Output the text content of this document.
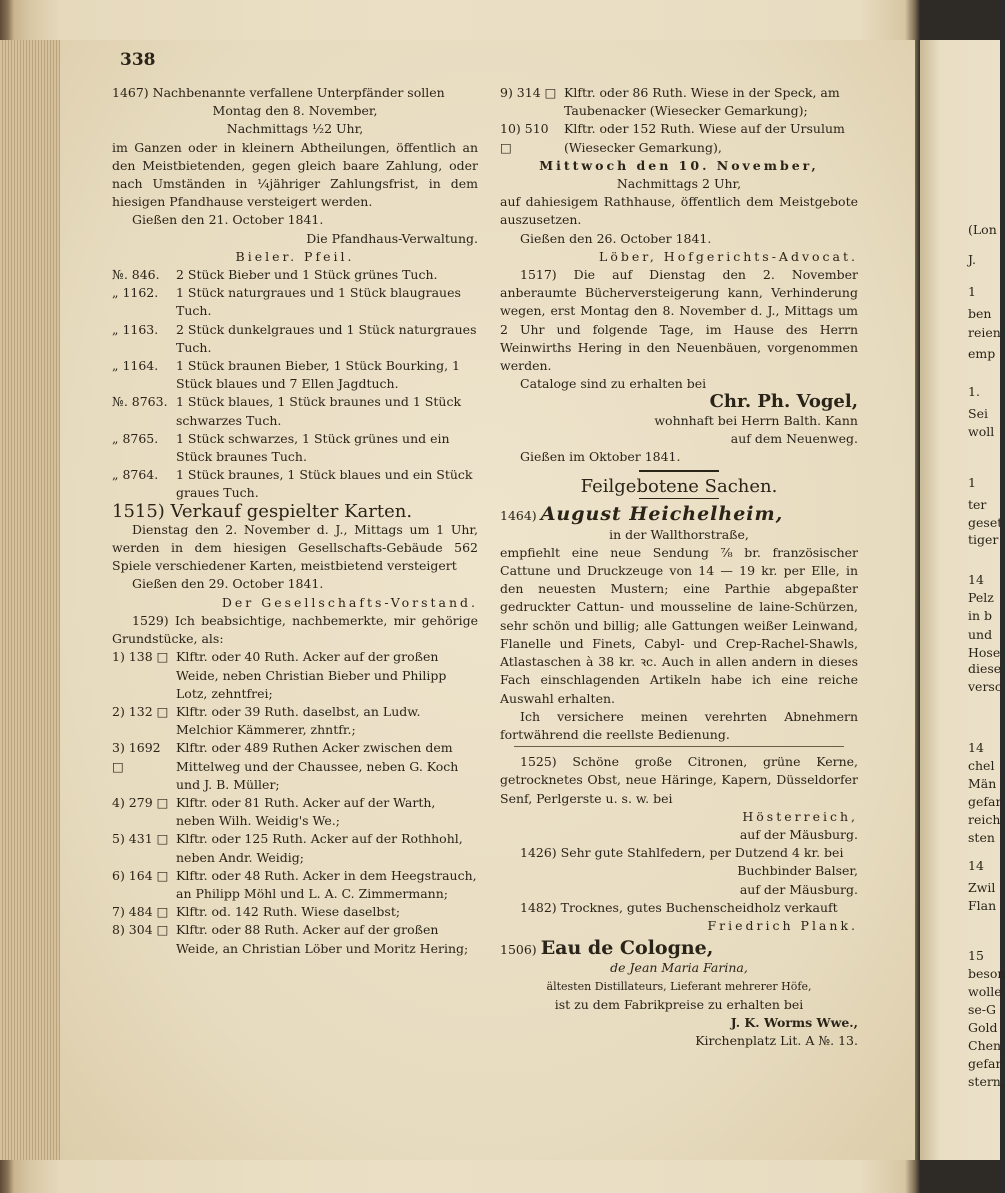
338
1467) Nachbenannte verfallene Unterpfänder sollen
Montag den 8. November,
Nachmittags ½2 Uhr,
im Ganzen oder in kleinern Abtheilungen, öffentlich an den Meistbietenden, gegen gleich baare Zahlung, oder nach Umständen in ¼jähriger Zahlungsfrist, in dem hiesigen Pfandhause versteigert werden.
Gießen den 21. October 1841.
Die Pfandhaus-Verwaltung.
Bieler. Pfeil.
№. 846.	2 Stück Bieber und 1 Stück grünes Tuch.
„ 1162.	1 Stück naturgraues und 1 Stück blaugraues Tuch.
„ 1163.	2 Stück dunkelgraues und 1 Stück naturgraues Tuch.
„ 1164.	1 Stück braunen Bieber, 1 Stück Bourking, 1 Stück blaues und 7 Ellen Jagdtuch.
№. 8763. 1 Stück blaues, 1 Stück braunes und 1 Stück schwarzes Tuch.
„ 8765.	1 Stück schwarzes, 1 Stück grünes und ein Stück braunes Tuch.
„ 8764.	1 Stück braunes, 1 Stück blaues und ein Stück graues Tuch.
1515) Verkauf gespielter Karten.
Dienstag den 2. November d. J., Mittags um 1 Uhr, werden in dem hiesigen Gesellschafts-Gebäude 562 Spiele verschiedener Karten, meistbietend versteigert
Gießen den 29. October 1841.
Der Gesellschafts-Vorstand.
1529) Ich beabsichtige, nachbemerkte, mir gehörige Grundstücke, als:
1) 138 □ Klftr. oder 40 Ruth. Acker auf der großen Weide, neben Christian Bieber und Philipp Lotz, zehntfrei;
2) 132 □ Klftr. oder 39 Ruth. daselbst, an Ludw. Melchior Kämmerer, zhntfr.;
3) 1692 □
Klftr. oder 489 Ruthen Acker zwischen dem Mittelweg und der Chaussee, neben G. Koch und J. B. Müller;
4) 279 □ Klftr. oder 81 Ruth. Acker auf der Warth, neben Wilh. Weidig's We.;
5) 431 □ Klftr. oder 125 Ruth. Acker auf der Rothhohl, neben Andr. Weidig;
6) 164 □ Klftr. oder 48 Ruth. Acker in dem Heegstrauch, an Philipp Möhl und L. A. C. Zimmermann;
7) 484 □ Klftr. od. 142 Ruth. Wiese daselbst;
8) 304 □ Klftr. oder 88 Ruth. Acker auf der großen Weide, an Christian Löber und Moritz Hering;
9) 314 □ Klftr. oder 86 Ruth. Wiese in der Speck, am Taubenacker (Wiesecker Gemarkung);
10) 510 □
Klftr. oder 152 Ruth. Wiese auf der Ursulum (Wiesecker Gemarkung),
Mittwoch den 10. November,
Nachmittags 2 Uhr,
auf dahiesigem Rathhause, öffentlich dem Meistgebote auszusetzen.
Gießen den 26. October 1841.
Löber, Hofgerichts-Advocat.
1517) Die auf Dienstag den 2. November anberaumte Bücherversteigerung kann, Verhinderung wegen, erst Montag den 8. November d. J., Mittags um 2 Uhr und folgende Tage, im Hause des Herrn Weinwirths Hering in den Neuenbäuen, vorgenommen werden.
Cataloge sind zu erhalten bei
Chr. Ph. Vogel,
wohnhaft bei Herrn Balth. Kann
auf dem Neuenweg.
Gießen im Oktober 1841.
Feilgebotene Sachen.
1464) August Heichelheim,
in der Wallthorstraße,
empfiehlt eine neue Sendung ⅞ br. französischer Cattune und Druckzeuge von 14 — 19 kr. per Elle, in den neuesten Mustern; eine Parthie abgepaßter gedruckter Cattun- und mousseline de laine-Schürzen, sehr schön und billig; alle Gattungen weißer Leinwand, Flanelle und Finets, Cabyl- und Crep-Rachel-Shawls, Atlastaschen à 38 kr. ꝛc. Auch in allen andern in dieses Fach einschlagenden Artikeln habe ich eine reiche Auswahl erhalten.
Ich versichere meinen verehrten Abnehmern fortwährend die reellste Bedienung.
1525) Schöne große Citronen, grüne Kerne, getrocknetes Obst, neue Häringe, Kapern, Düsseldorfer Senf, Perlgerste u. s. w. bei
Hösterreich,
auf der Mäusburg.
1426) Sehr gute Stahlfedern, per Dutzend 4 kr. bei
Buchbinder Balser,
auf der Mäusburg.
1482) Trocknes, gutes Buchenscheidholz verkauft
Friedrich Plank.
1506) Eau de Cologne,
de Jean Maria Farina,
ältesten Distillateurs, Lieferant mehrerer Höfe,
ist zu dem Fabrikpreise zu erhalten bei
J. K. Worms Wwe.,
Kirchenplatz Lit. A №. 13.
(Lon
J.
1
ben
reien
emp
1.
Sei
woll
1
ter
geset
tiger
14
Pelz
in b
und
Hose
diese
versc
14
chel
Män
gefar
reich
sten
14
Zwil
Flan
15
beson
wolle
se-G
Gold
Chen
gefar
stern,
